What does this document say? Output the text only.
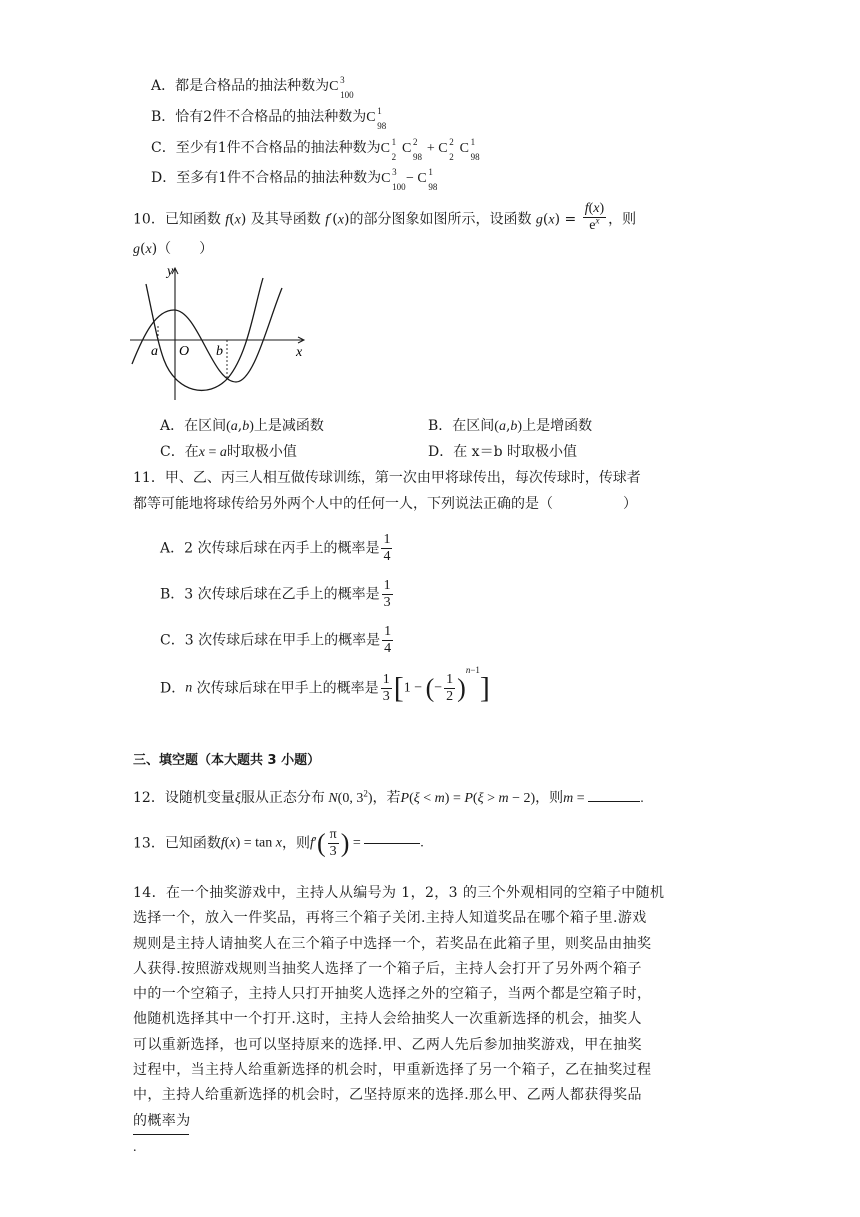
A．都是合格品的抽法种数为C 3
100
B．恰有2件不合格品的抽法种数为C 1
98
C．至少有1件不合格品的抽法种数为C 1
2
C 2
98
+ C 2
2
C 1
98
D．至多有1件不合格品的抽法种数为C 3
100
− C 1
98
10．已知函数 f(x) 及其导函数 f′(x)的部分图象如图所示，设函数 $g(x) = \frac{f(x)}{e^x}$ ，则
g(x)（　　）
y
x
a O b
A．在区间(a,b)上是减函数	B．在区间(a,b)上是增函数
C．在x = a时取极小值	D．在 x＝b 时取极小值
11．甲、乙、丙三人相互做传球训练，第一次由甲将球传出，每次传球时，传球者
都等可能地将球传给另外两个人中的任何一人，下列说法正确的是（　　　　　）
A．2 次传球后球在丙手上的概率是 $\frac{1}{4}$
B．3 次传球后球在乙手上的概率是 $\frac{1}{3}$
C．3 次传球后球在甲手上的概率是 $\frac{1}{4}$
D．n 次传球后球在甲手上的概率是 $\frac{1}{3} [1$ − (− $\frac{1}{2} )^{n-1}$]
三、填空题（本大题共 3 小题）
12．设随机变量ξ服从正态分布 N(0, $3^2$)，若P(ξ < m) = P(ξ > m − 2)，则m =	.
13．已知函数f(x) = tan x，则$f'( \frac{\pi}{3}$ ) =	.
14．在一个抽奖游戏中，主持人从编号为 1，2，3 的三个外观相同的空箱子中随机
选择一个，放入一件奖品，再将三个箱子关闭.主持人知道奖品在哪个箱子里.游戏
规则是主持人请抽奖人在三个箱子中选择一个，若奖品在此箱子里，则奖品由抽奖
人获得.按照游戏规则当抽奖人选择了一个箱子后，主持人会打开了另外两个箱子
中的一个空箱子，主持人只打开抽奖人选择之外的空箱子，当两个都是空箱子时，
他随机选择其中一个打开.这时，主持人会给抽奖人一次重新选择的机会，抽奖人
可以重新选择，也可以坚持原来的选择.甲、乙两人先后参加抽奖游戏，甲在抽奖
过程中，当主持人给重新选择的机会时，甲重新选择了另一个箱子，乙在抽奖过程
中，主持人给重新选择的机会时，乙坚持原来的选择.那么甲、乙两人都获得奖品
的概率为
.
